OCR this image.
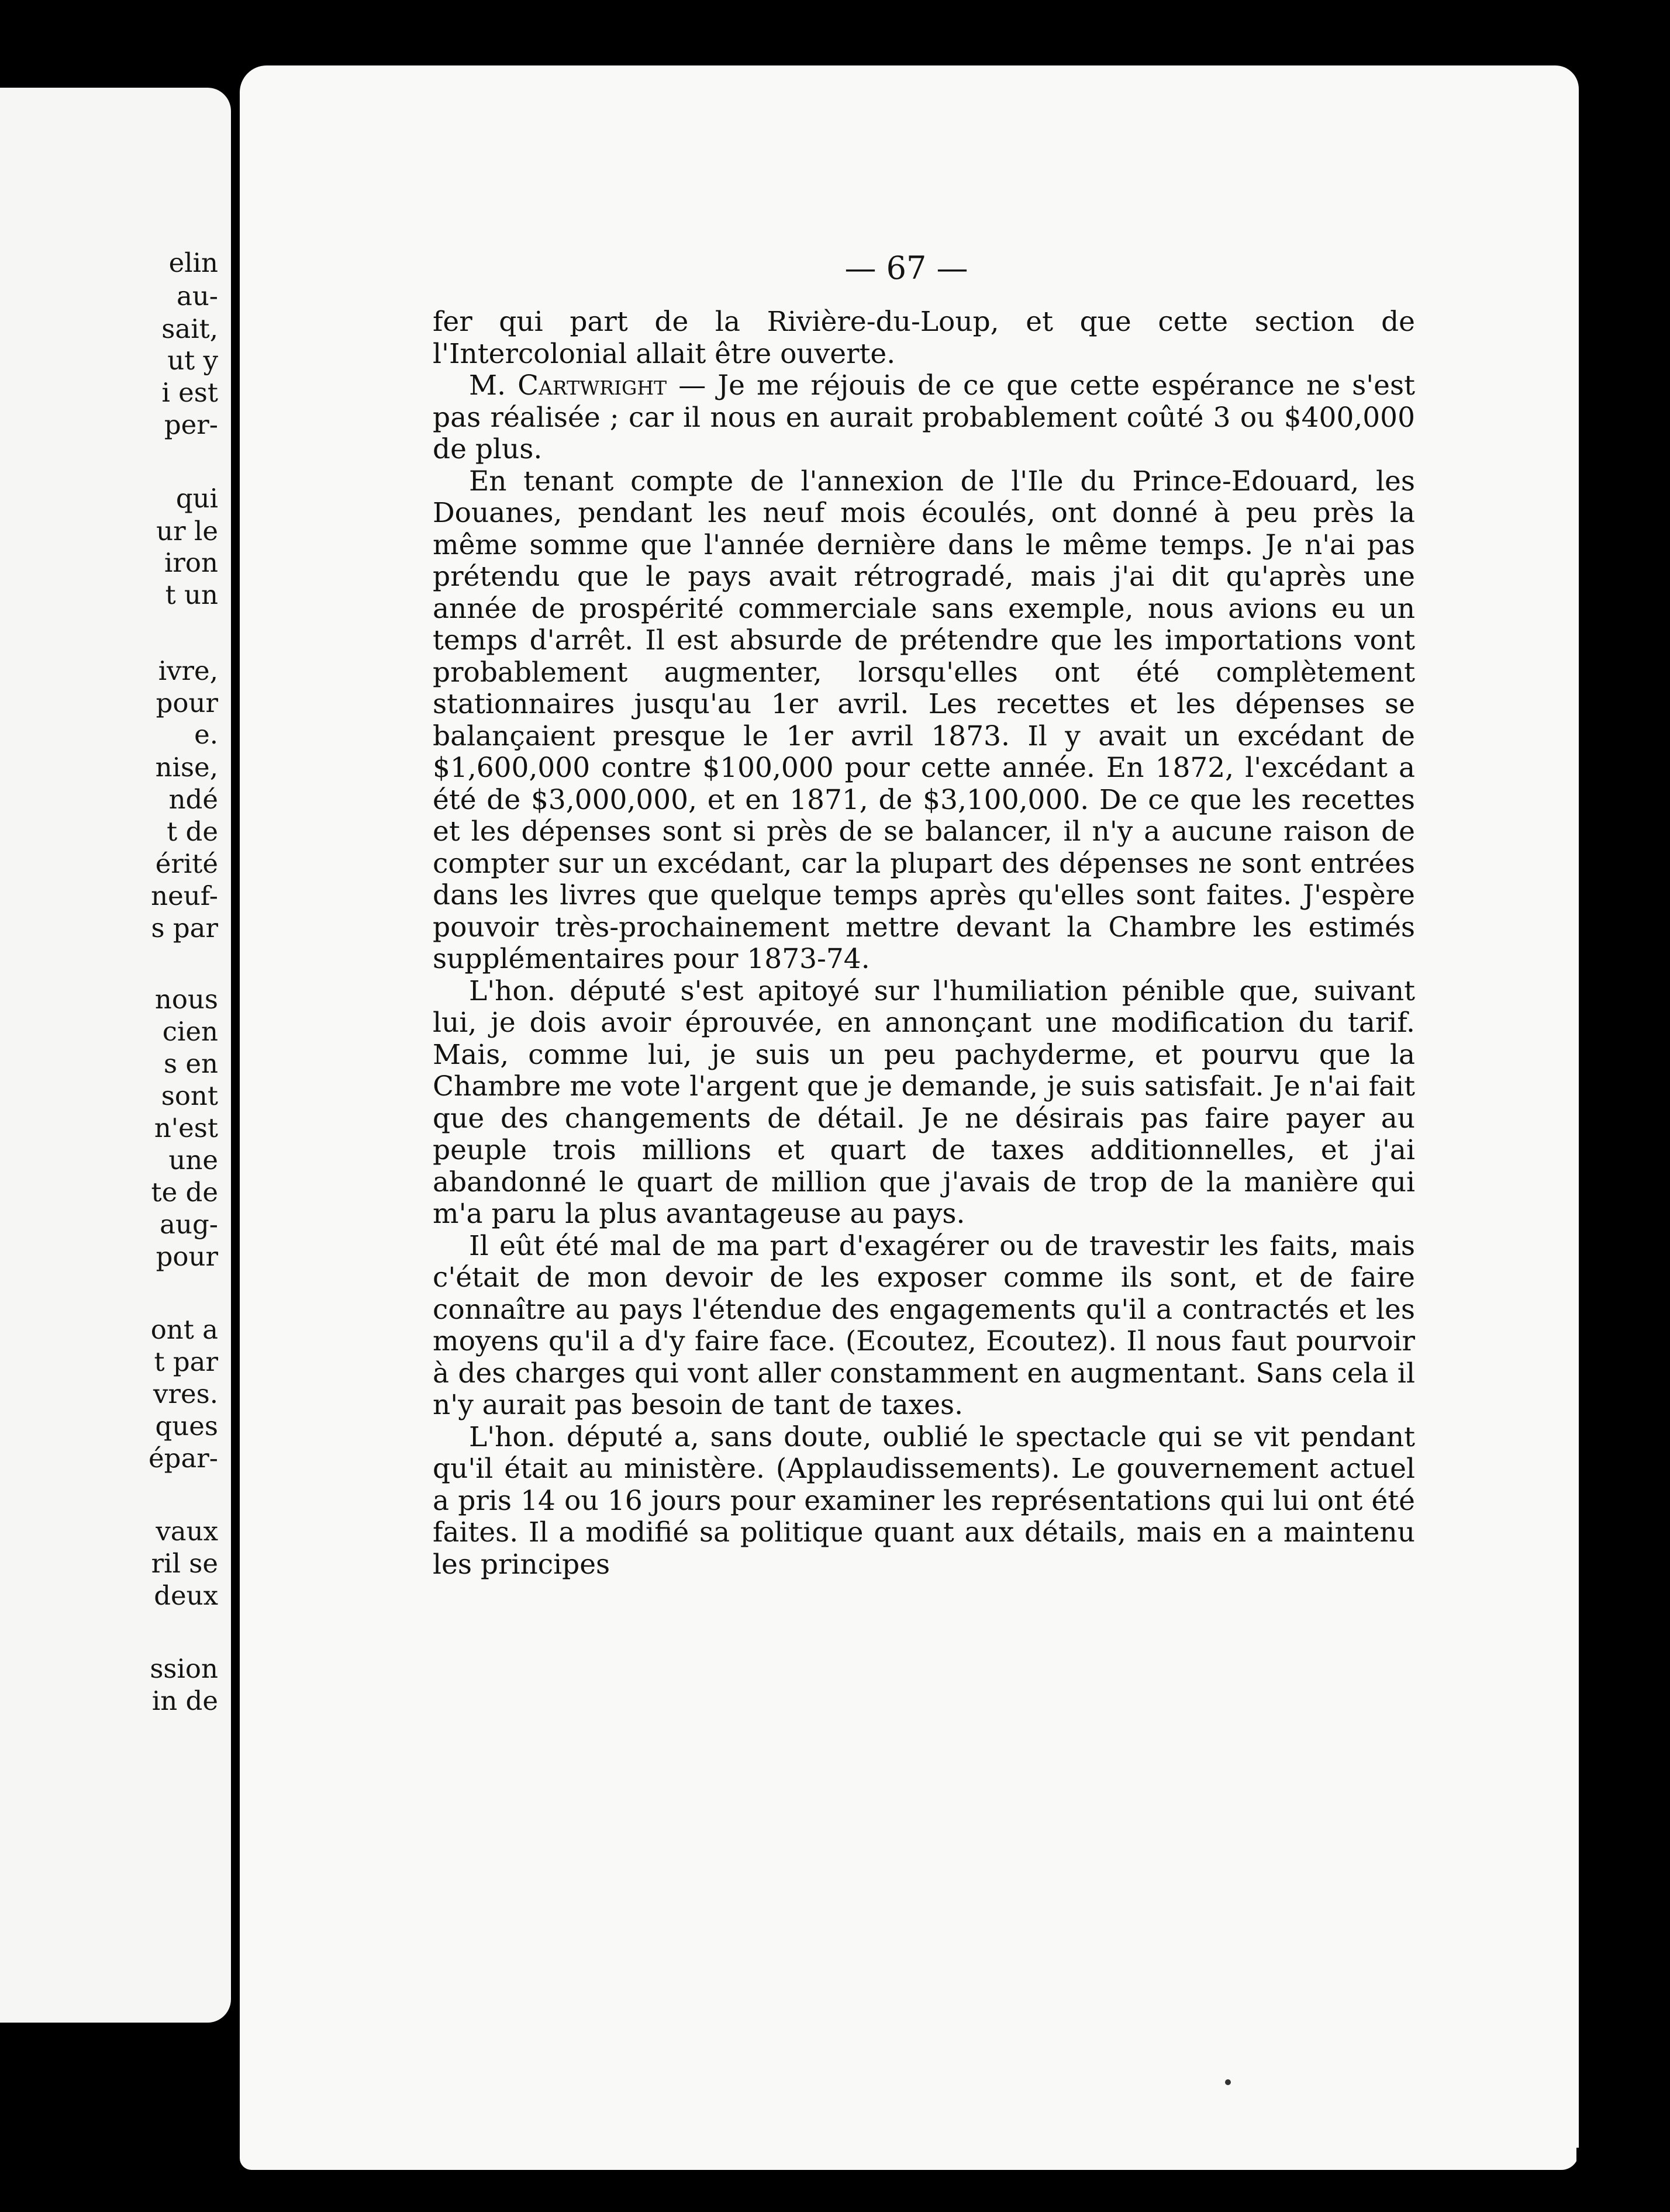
elin
au-
sait,
ut y
i est
per-
qui
ur le
iron
t un
ivre,
pour
e.
nise,
ndé
t de
érité
neuf-
s par
nous
cien
s en
sont
n'est
une
te de
aug-
pour
ont a
t par
vres.
ques
épar-
vaux
ril se
deux
ssion
in de
— 67 —

fer qui part de la Rivière-du-Loup, et que cette section de l'Intercolonial allait être ouverte.

M. Cartwright — Je me réjouis de ce que cette espérance ne s'est pas réalisée ; car il nous en aurait probablement coûté 3 ou $400,000 de plus.

En tenant compte de l'annexion de l'Ile du Prince-Edouard, les Douanes, pendant les neuf mois écoulés, ont donné à peu près la même somme que l'année dernière dans le même temps. Je n'ai pas prétendu que le pays avait rétrogradé, mais j'ai dit qu'après une année de prospérité commerciale sans exemple, nous avions eu un temps d'arrêt. Il est absurde de prétendre que les importations vont probablement augmenter, lorsqu'elles ont été complètement stationnaires jusqu'au 1er avril. Les recettes et les dépenses se balançaient presque le 1er avril 1873. Il y avait un excédant de $1,600,000 contre $100,000 pour cette année. En 1872, l'excédant a été de $3,000,000, et en 1871, de $3,100,000. De ce que les recettes et les dépenses sont si près de se balancer, il n'y a aucune raison de compter sur un excédant, car la plupart des dépenses ne sont entrées dans les livres que quelque temps après qu'elles sont faites. J'espère pouvoir très-prochainement mettre devant la Chambre les estimés supplémentaires pour 1873-74.

L'hon. député s'est apitoyé sur l'humiliation pénible que, suivant lui, je dois avoir éprouvée, en annonçant une modification du tarif. Mais, comme lui, je suis un peu pachyderme, et pourvu que la Chambre me vote l'argent que je demande, je suis satisfait. Je n'ai fait que des changements de détail. Je ne désirais pas faire payer au peuple trois millions et quart de taxes additionnelles, et j'ai abandonné le quart de million que j'avais de trop de la manière qui m'a paru la plus avantageuse au pays.

Il eût été mal de ma part d'exagérer ou de travestir les faits, mais c'était de mon devoir de les exposer comme ils sont, et de faire connaître au pays l'étendue des engagements qu'il a contractés et les moyens qu'il a d'y faire face. (Ecoutez, Ecoutez). Il nous faut pourvoir à des charges qui vont aller constamment en augmentant. Sans cela il n'y aurait pas besoin de tant de taxes.

L'hon. député a, sans doute, oublié le spectacle qui se vit pendant qu'il était au ministère. (Applaudissements). Le gouvernement actuel a pris 14 ou 16 jours pour examiner les représentations qui lui ont été faites. Il a modifié sa politique quant aux détails, mais en a maintenu les principes
